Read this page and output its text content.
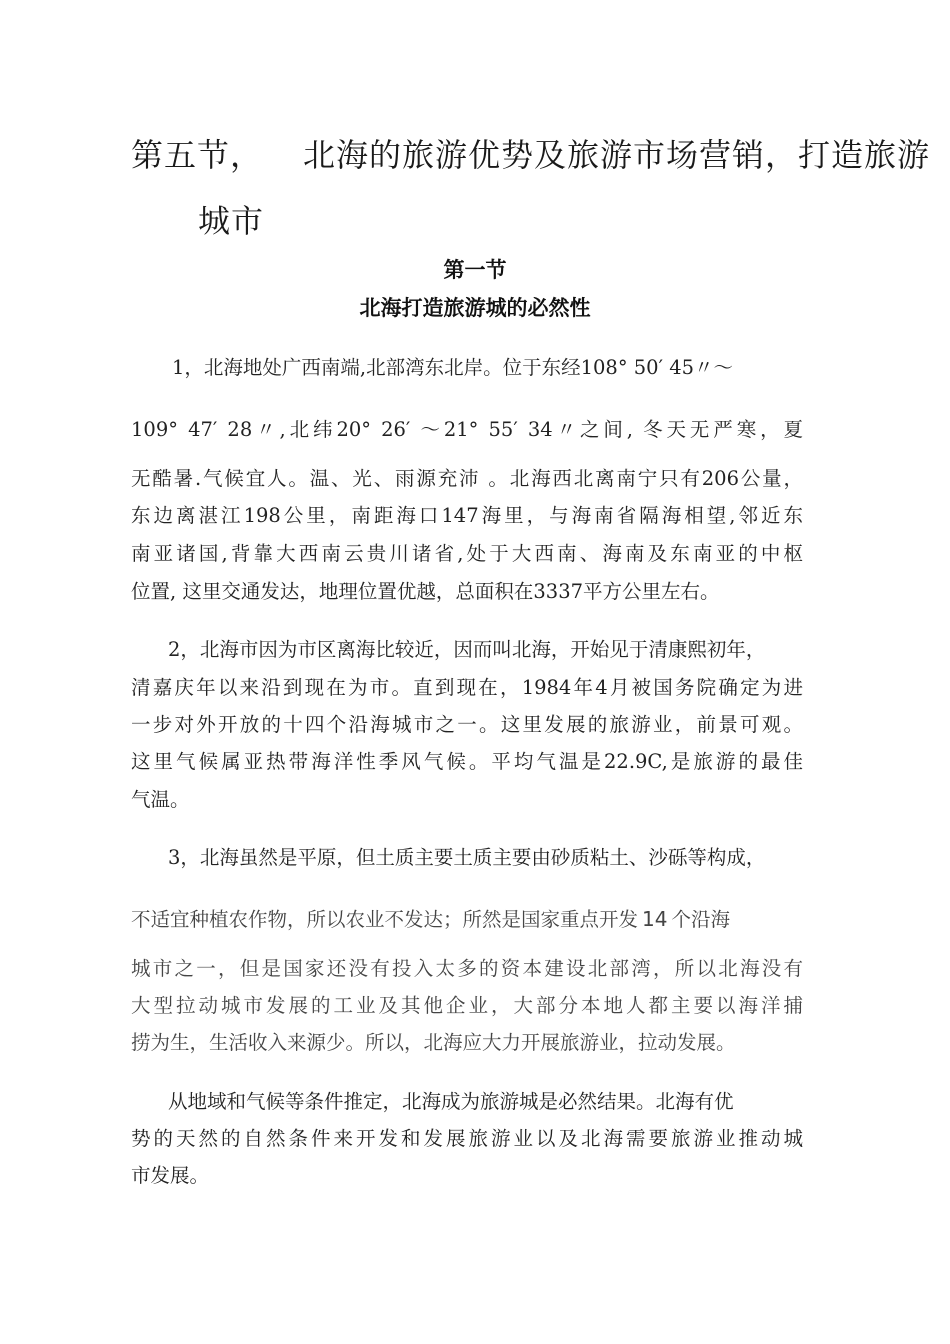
第五节， 北海的旅游优势及旅游市场营销，打造旅游
城市
第一节
北海打造旅游城的必然性
1，北海地处广西南端,北部湾东北岸。位于东经108° 50′ 45〃～
109° 47′ 28〃,北纬20° 26′ ～21° 55′ 34〃之间, 冬天无严寒，夏
无酷暑.气候宜人。温、光、雨源充沛 。北海西北离南宁只有206公量，
东边离湛江198公里，南距海口147海里，与海南省隔海相望,邻近东
南亚诸国,背靠大西南云贵川诸省,处于大西南、海南及东南亚的中枢
位置, 这里交通发达，地理位置优越，总面积在3337平方公里左右。
2，北海市因为市区离海比较近，因而叫北海，开始见于清康熙初年，
清嘉庆年以来沿到现在为市。直到现在，1984年4月被国务院确定为进
一步对外开放的十四个沿海城市之一。这里发展的旅游业，前景可观。
这里气候属亚热带海洋性季风气候。平均气温是22.9C,是旅游的最佳
气温。
3，北海虽然是平原，但土质主要土质主要由砂质粘土、沙砾等构成，
不适宜种植农作物，所以农业不发达；所然是国家重点开发 14 个沿海
城市之一，但是国家还没有投入太多的资本建设北部湾，所以北海没有
大型拉动城市发展的工业及其他企业，大部分本地人都主要以海洋捕
捞为生，生活收入来源少。所以，北海应大力开展旅游业，拉动发展。
从地域和气候等条件推定，北海成为旅游城是必然结果。北海有优
势的天然的自然条件来开发和发展旅游业以及北海需要旅游业推动城
市发展。
